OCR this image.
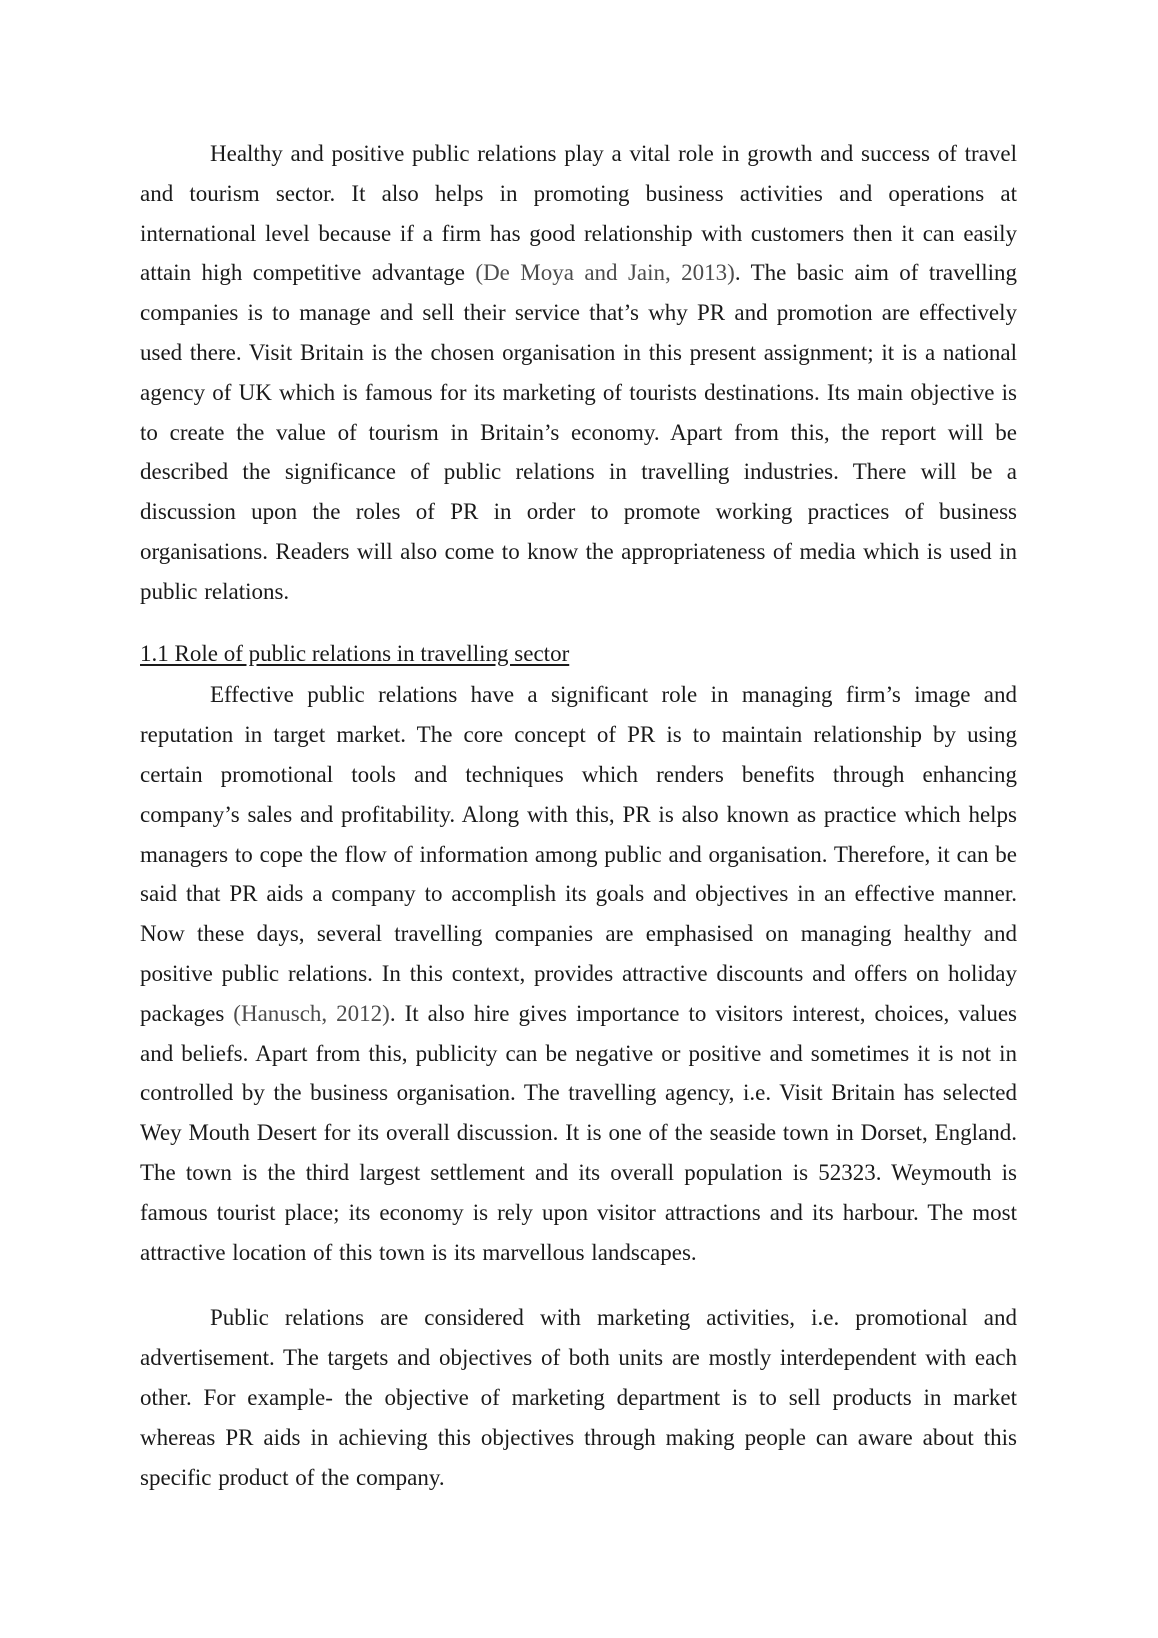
Healthy and positive public relations play a vital role in growth and success of travel and tourism sector. It also helps in promoting business activities and operations at international level because if a firm has good relationship with customers then it can easily attain high competitive advantage (De Moya and Jain, 2013). The basic aim of travelling companies is to manage and sell their service that’s why PR and promotion are effectively used there. Visit Britain is the chosen organisation in this present assignment; it is a national agency of UK which is famous for its marketing of tourists destinations. Its main objective is to create the value of tourism in Britain’s economy. Apart from this, the report will be described the significance of public relations in travelling industries. There will be a discussion upon the roles of PR in order to promote working practices of business organisations. Readers will also come to know the appropriateness of media which is used in public relations.

1.1 Role of public relations in travelling sector

Effective public relations have a significant role in managing firm’s image and reputation in target market. The core concept of PR is to maintain relationship by using certain promotional tools and techniques which renders benefits through enhancing company’s sales and profitability. Along with this, PR is also known as practice which helps managers to cope the flow of information among public and organisation. Therefore, it can be said that PR aids a company to accomplish its goals and objectives in an effective manner. Now these days, several travelling companies are emphasised on managing healthy and positive public relations. In this context, provides attractive discounts and offers on holiday packages (Hanusch, 2012). It also hire gives importance to visitors interest, choices, values and beliefs. Apart from this, publicity can be negative or positive and sometimes it is not in controlled by the business organisation. The travelling agency, i.e. Visit Britain has selected Wey Mouth Desert for its overall discussion. It is one of the seaside town in Dorset, England. The town is the third largest settlement and its overall population is 52323. Weymouth is famous tourist place; its economy is rely upon visitor attractions and its harbour. The most attractive location of this town is its marvellous landscapes.

Public relations are considered with marketing activities, i.e. promotional and advertisement. The targets and objectives of both units are mostly interdependent with each other. For example- the objective of marketing department is to sell products in market whereas PR aids in achieving this objectives through making people can aware about this specific product of the company.
